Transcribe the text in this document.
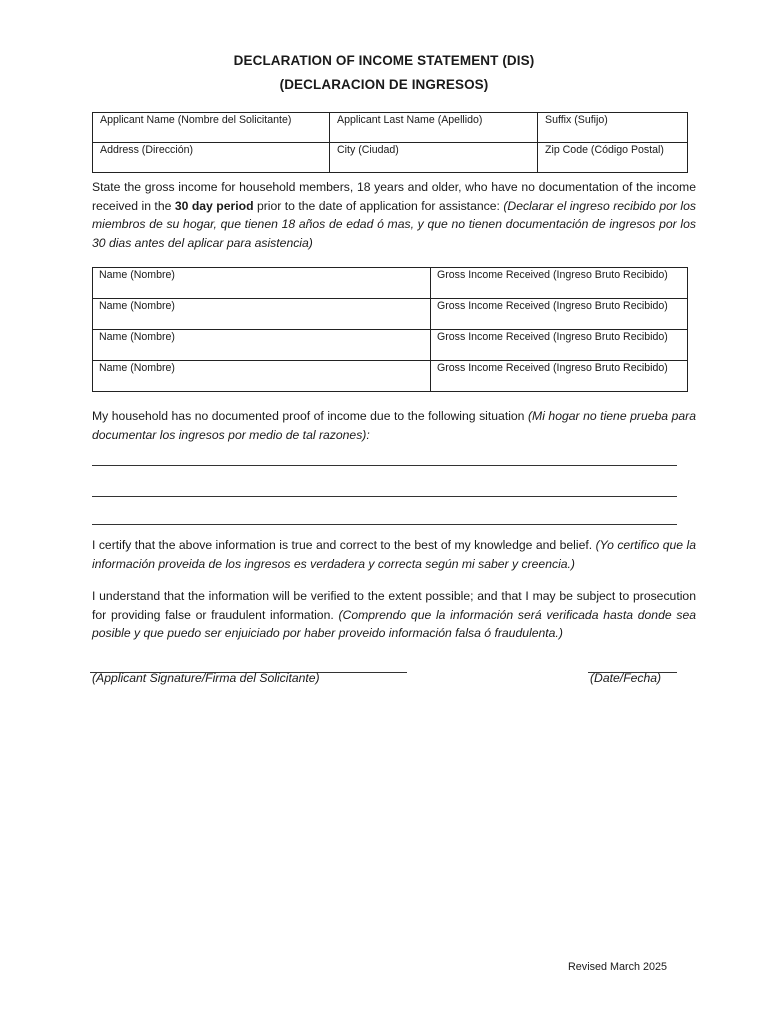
DECLARATION OF INCOME STATEMENT (DIS)
(DECLARACION DE INGRESOS)
Applicant Name (Nombre del Solicitante)	Applicant Last Name (Apellido)	Suffix (Sufijo)
Address (Dirección)	City (Ciudad)	Zip Code (Código Postal)
State the gross income for household members, 18 years and older, who have no documentation of the income received in the 30 day period prior to the date of application for assistance: (Declarar el ingreso recibido por los miembros de su hogar, que tienen 18 años de edad ó mas, y que no tienen documentación de ingresos por los 30 dias antes del aplicar para asistencia)
Name (Nombre)	Gross Income Received (Ingreso Bruto Recibido)
Name (Nombre)	Gross Income Received (Ingreso Bruto Recibido)
Name (Nombre)	Gross Income Received (Ingreso Bruto Recibido)
Name (Nombre)	Gross Income Received (Ingreso Bruto Recibido)
My household has no documented proof of income due to the following situation (Mi hogar no tiene prueba para documentar los ingresos por medio de tal razones):
I certify that the above information is true and correct to the best of my knowledge and belief. (Yo certifico que la información proveida de los ingresos es verdadera y correcta según mi saber y creencia.)
I understand that the information will be verified to the extent possible; and that I may be subject to prosecution for providing false or fraudulent information. (Comprendo que la información será verificada hasta donde sea posible y que puedo ser enjuiciado por haber proveido información falsa ó fraudulenta.)
(Applicant Signature/Firma del Solicitante)	(Date/Fecha)
Revised March 2025
